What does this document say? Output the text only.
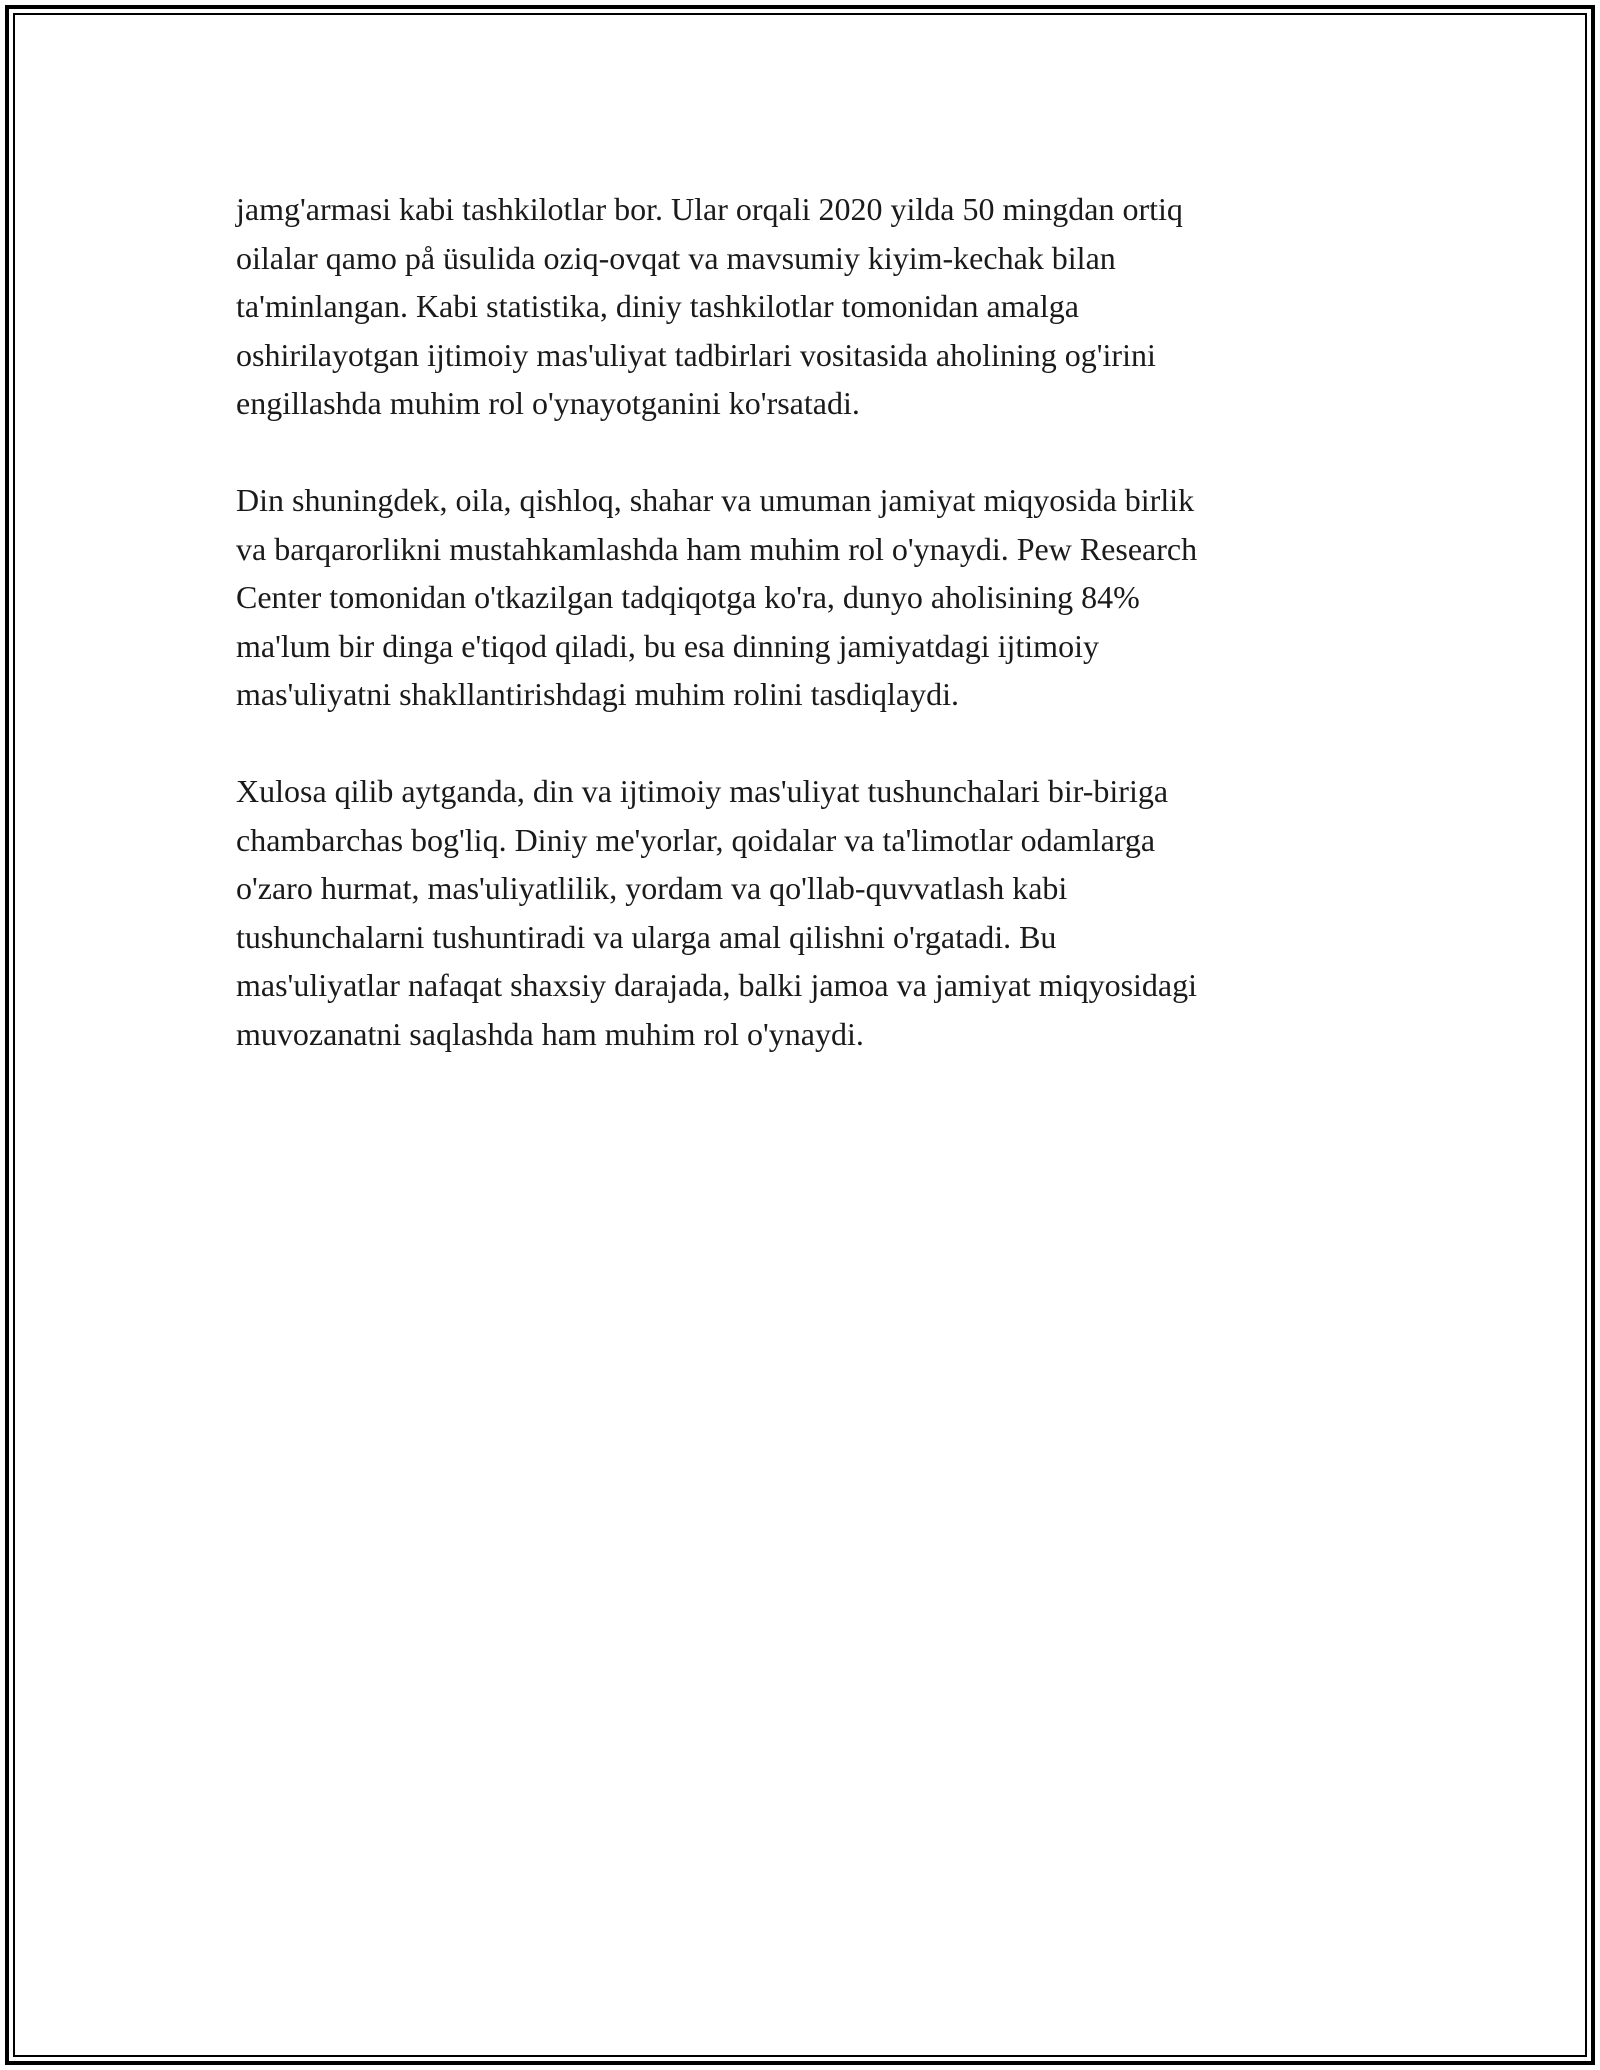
jamg'armasi kabi tashkilotlar bor. Ular orqali 2020 yilda 50 mingdan ortiq
oilalar qamo på üsulida oziq-ovqat va mavsumiy kiyim-kechak bilan
ta'minlangan. Kabi statistika, diniy tashkilotlar tomonidan amalga
oshirilayotgan ijtimoiy mas'uliyat tadbirlari vositasida aholining og'irini
engillashda muhim rol o'ynayotganini ko'rsatadi.

Din shuningdek, oila, qishloq, shahar va umuman jamiyat miqyosida birlik
va barqarorlikni mustahkamlashda ham muhim rol o'ynaydi. Pew Research
Center tomonidan o'tkazilgan tadqiqotga ko'ra, dunyo aholisining 84%
ma'lum bir dinga e'tiqod qiladi, bu esa dinning jamiyatdagi ijtimoiy
mas'uliyatni shakllantirishdagi muhim rolini tasdiqlaydi.

Xulosa qilib aytganda, din va ijtimoiy mas'uliyat tushunchalari bir-biriga
chambarchas bog'liq. Diniy me'yorlar, qoidalar va ta'limotlar odamlarga
o'zaro hurmat, mas'uliyatlilik, yordam va qo'llab-quvvatlash kabi
tushunchalarni tushuntiradi va ularga amal qilishni o'rgatadi. Bu
mas'uliyatlar nafaqat shaxsiy darajada, balki jamoa va jamiyat miqyosidagi
muvozanatni saqlashda ham muhim rol o'ynaydi.
